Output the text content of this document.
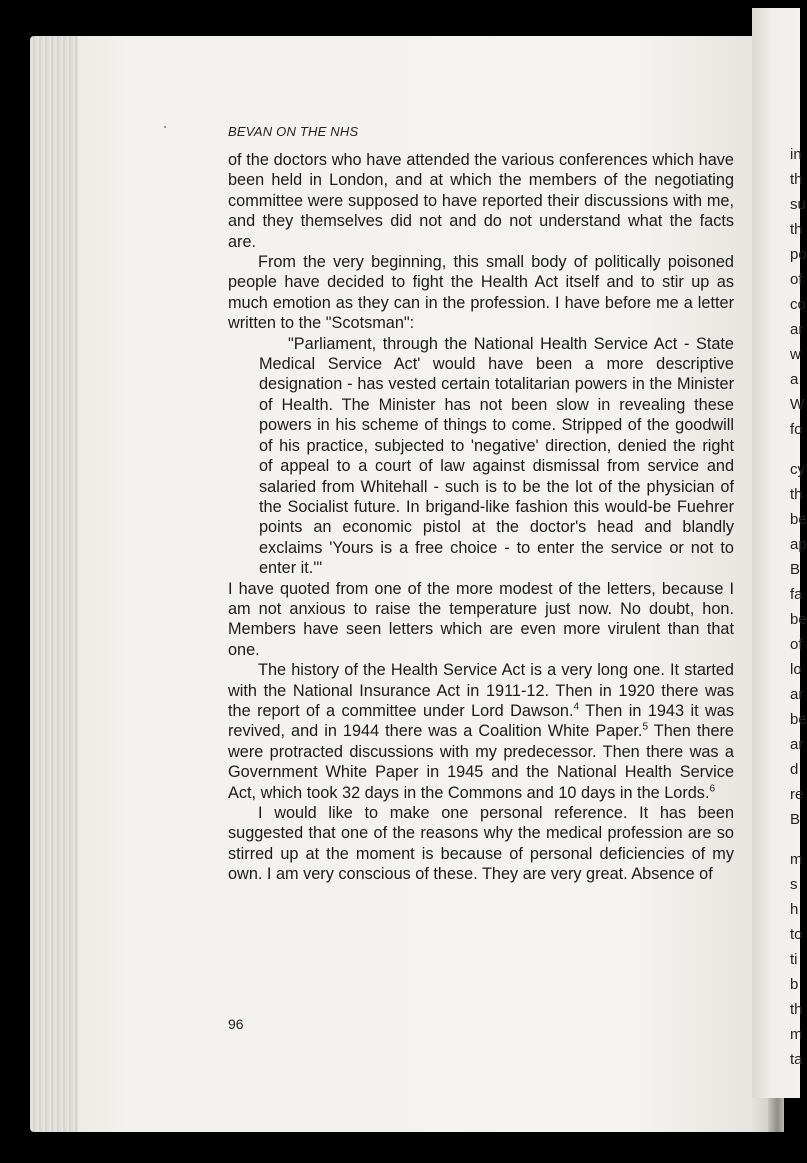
in
th
su
th
po
of
co
ar
w
a
W
fo
cy
th
be
ap
B
fa
be
of
lo
ar
be
ar
d
re
B
m
s
h
to
ti
b
th
m
ta
BEVAN ON THE NHS

of the doctors who have attended the various conferences which have been held in London, and at which the members of the negotiating committee were supposed to have reported their discussions with me, and they themselves did not and do not understand what the facts are.

From the very beginning, this small body of politically poisoned people have decided to fight the Health Act itself and to stir up as much emotion as they can in the profession. I have before me a letter written to the "Scotsman":

"Parliament, through the National Health Service Act - State Medical Service Act' would have been a more descriptive designation - has vested certain totalitarian powers in the Minister of Health. The Minister has not been slow in revealing these powers in his scheme of things to come. Stripped of the goodwill of his practice, subjected to 'negative' direction, denied the right of appeal to a court of law against dismissal from service and salaried from Whitehall - such is to be the lot of the physician of the Socialist future. In brigand-like fashion this would-be Fuehrer points an economic pistol at the doctor's head and blandly exclaims 'Yours is a free choice - to enter the service or not to enter it.'"

I have quoted from one of the more modest of the letters, because I am not anxious to raise the temperature just now. No doubt, hon. Members have seen letters which are even more virulent than that one.

The history of the Health Service Act is a very long one. It started with the National Insurance Act in 1911-12. Then in 1920 there was the report of a committee under Lord Dawson.$^4$ Then in 1943 it was revived, and in 1944 there was a Coalition White Paper.$^5$ Then there were protracted discussions with my predecessor. Then there was a Government White Paper in 1945 and the National Health Service Act, which took 32 days in the Commons and 10 days in the Lords.$^6$

I would like to make one personal reference. It has been suggested that one of the reasons why the medical profession are so stirred up at the moment is because of personal deficiencies of my own. I am very conscious of these. They are very great. Absence of

96
